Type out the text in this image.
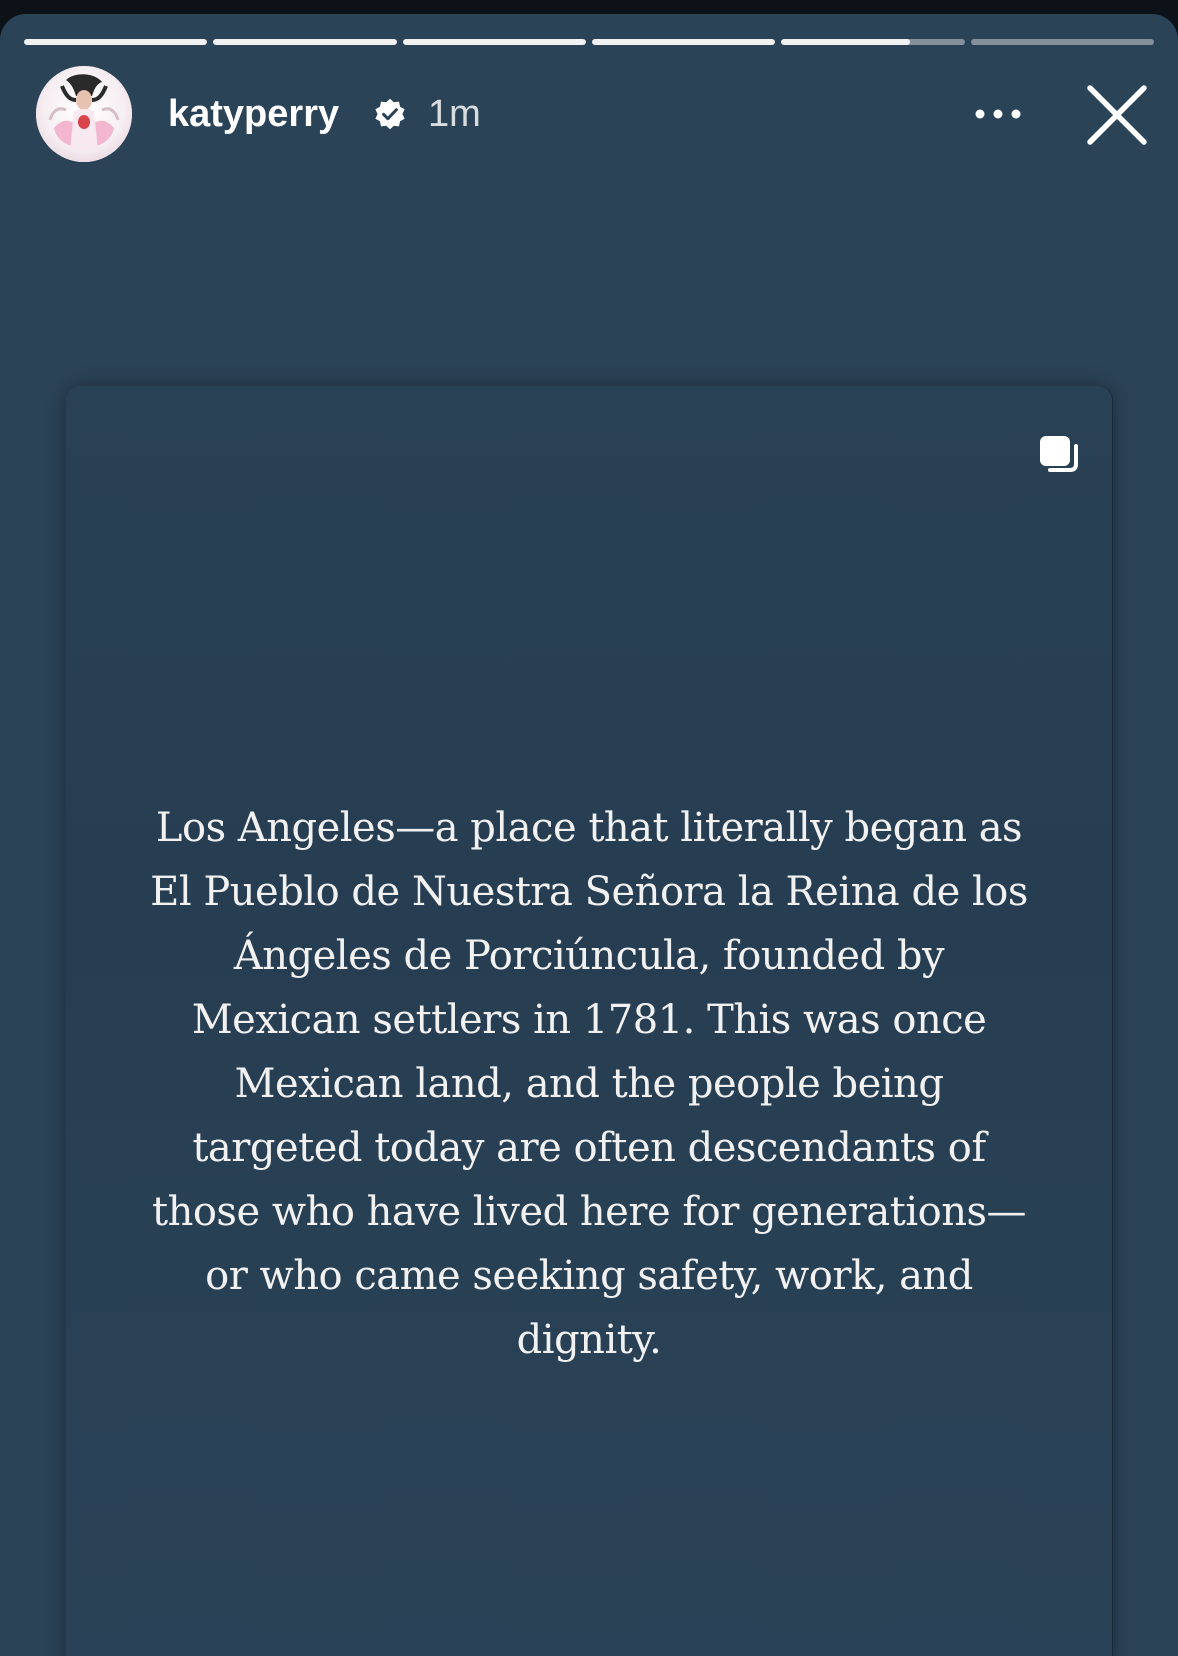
katyperry 1m
Los Angeles—a place that literally began as
El Pueblo de Nuestra Señora la Reina de los
Ángeles de Porciúncula, founded by
Mexican settlers in 1781. This was once
Mexican land, and the people being
targeted today are often descendants of
those who have lived here for generations—
or who came seeking safety, work, and
dignity.
